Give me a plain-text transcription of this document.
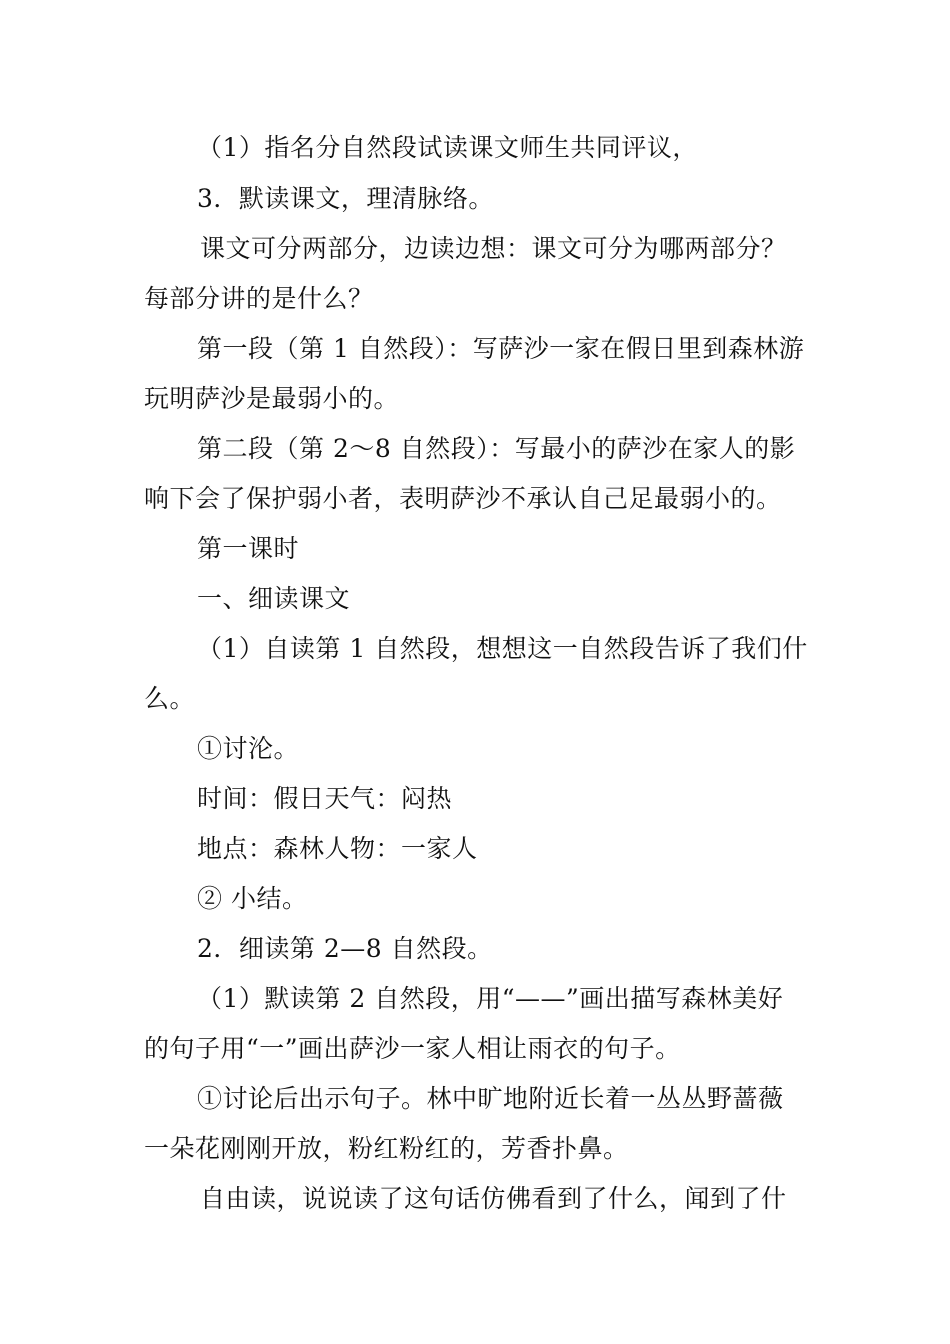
（1）指名分自然段试读课文师生共同评议，
3．默读课文，理清脉络。
课文可分两部分，边读边想：课文可分为哪两部分？
每部分讲的是什么？
第一段（第 1 自然段）：写萨沙一家在假日里到森林游
玩明萨沙是最弱小的。
第二段（第 2～8 自然段）：写最小的萨沙在家人的影
响下会了保护弱小者，表明萨沙不承认自己足最弱小的。
第一课时
一、细读课文
（1）自读第 1 自然段，想想这一自然段告诉了我们什
么。
①讨沦。
时间：假日天气：闷热
地点：森林人物：一家人
② 小结。
2．细读第 2—8 自然段。
（1）默读第 2 自然段，用“——”画出描写森林美好
的句子用“一”画出萨沙一家人相让雨衣的句子。
①讨论后出示句子。林中旷地附近长着一丛丛野蔷薇
一朵花刚刚开放，粉红粉红的，芳香扑鼻。
自由读，说说读了这句话仿佛看到了什么，闻到了什
